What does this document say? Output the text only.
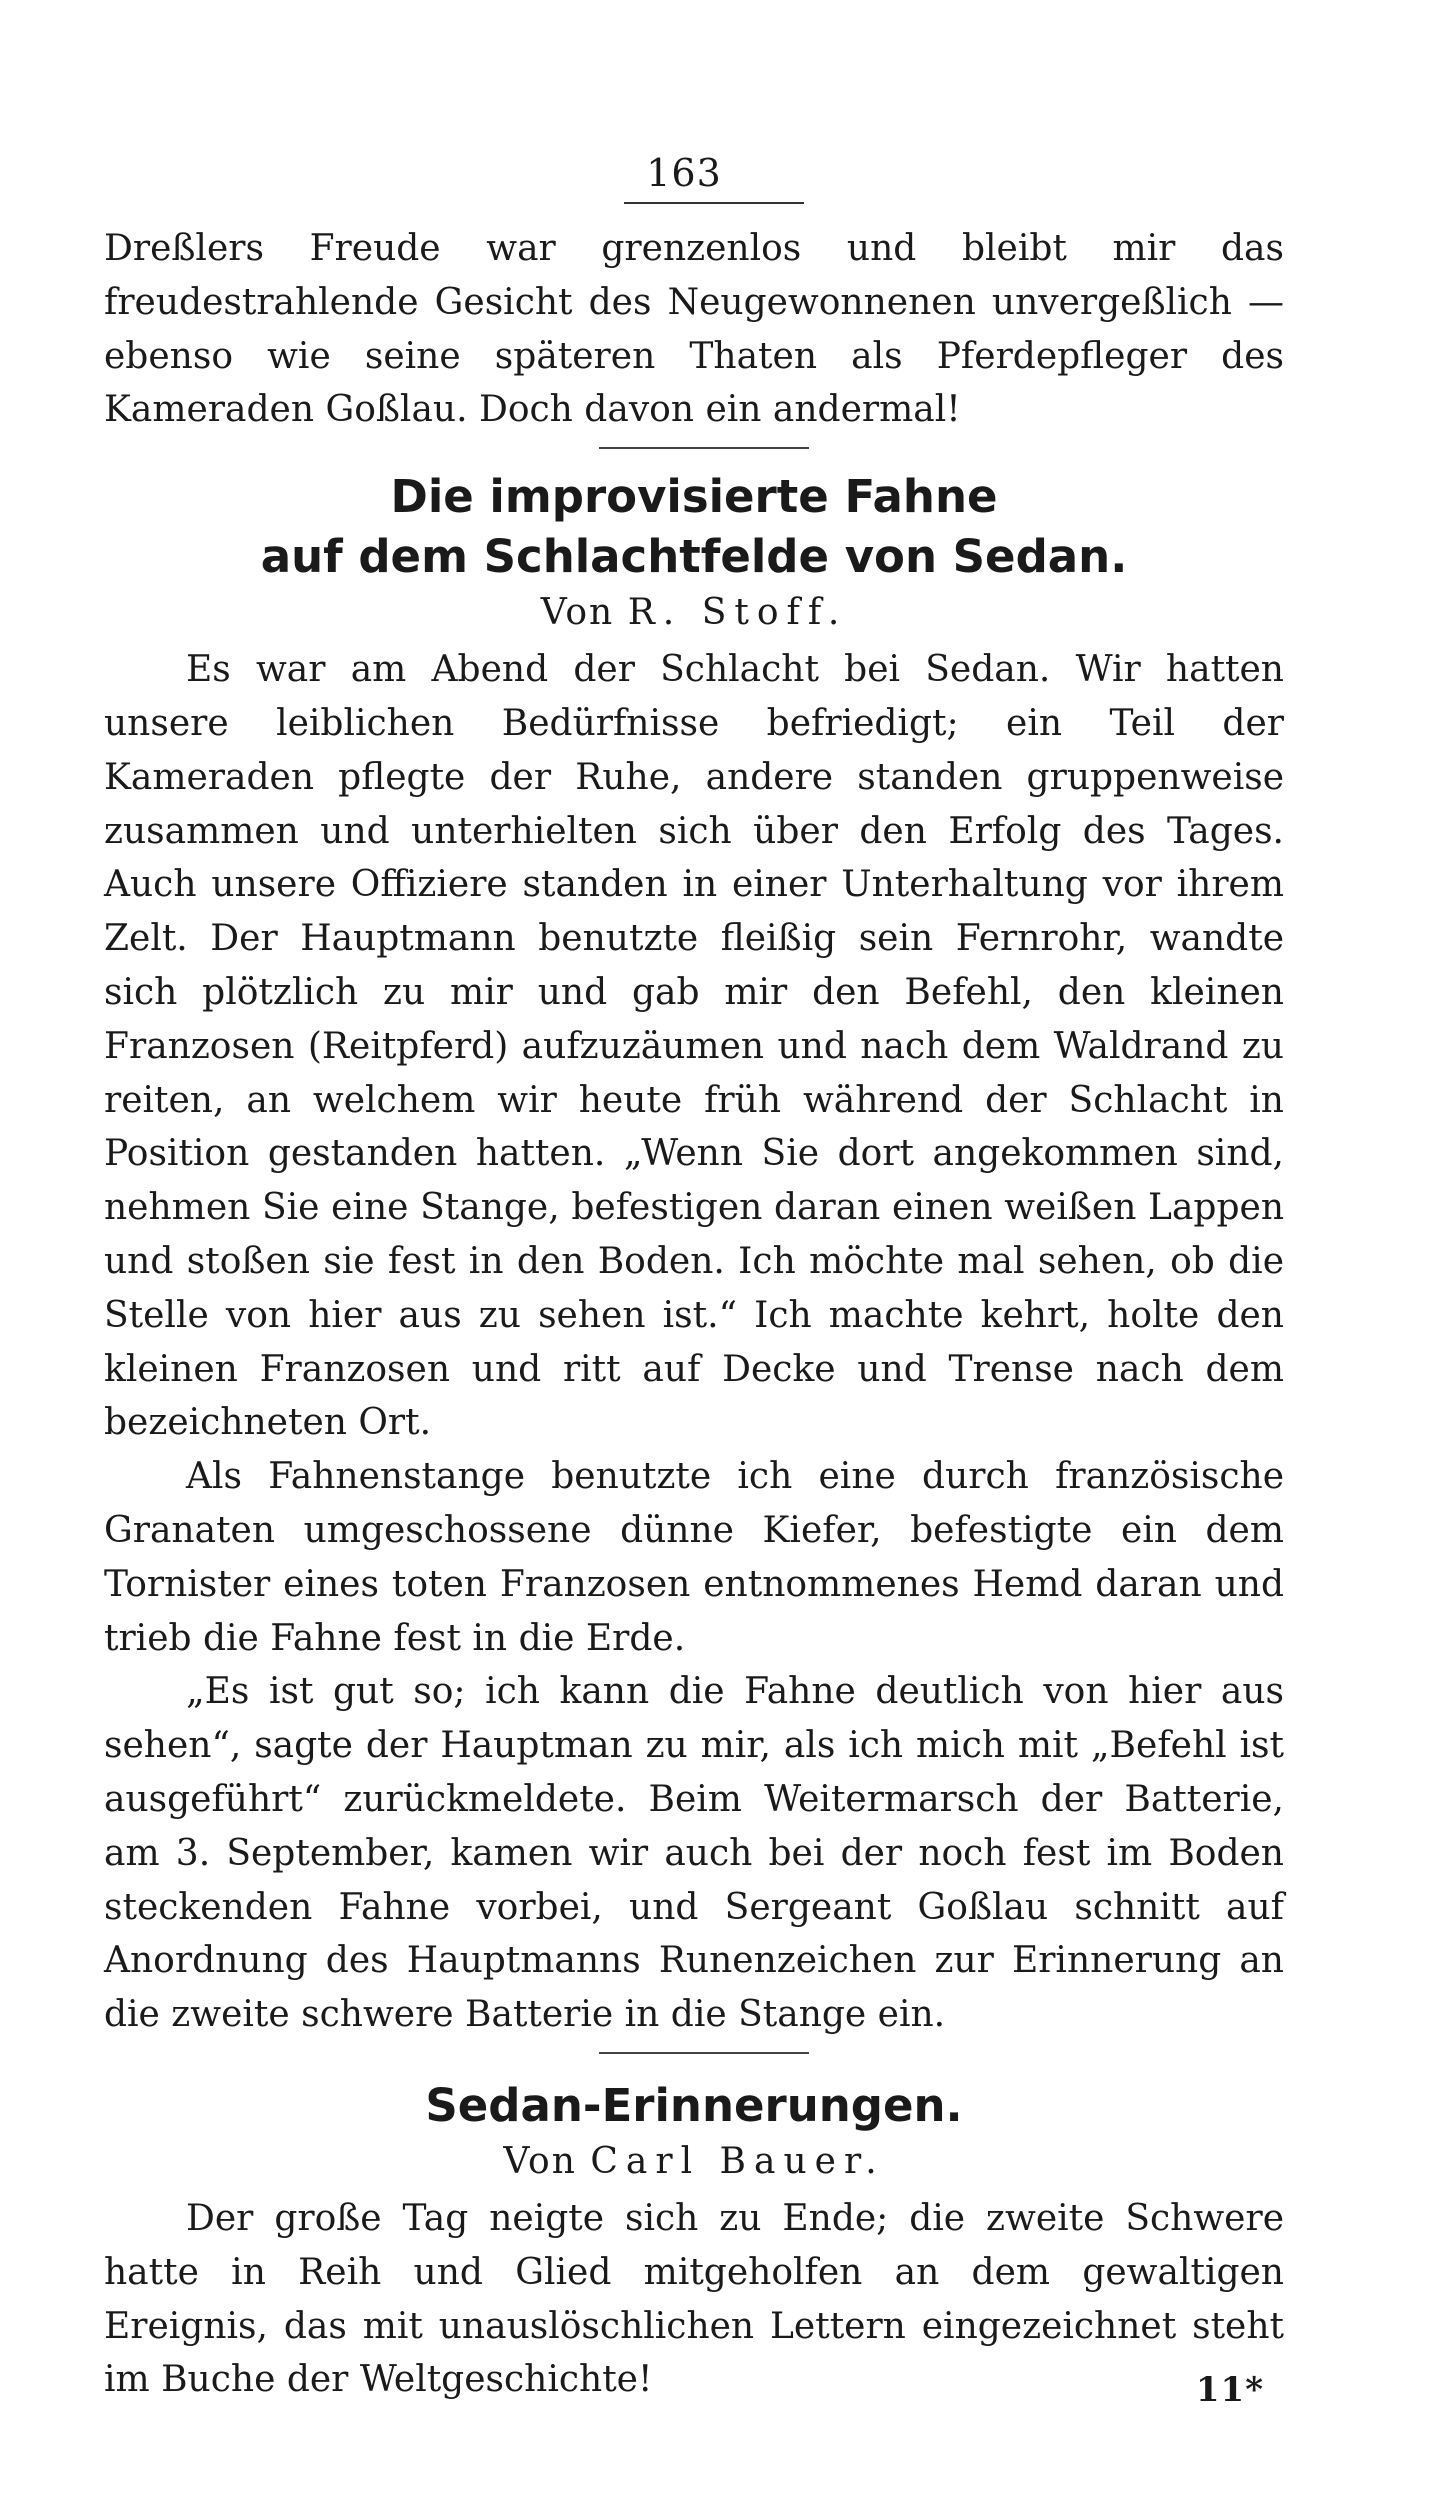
163

Dreßlers Freude war grenzenlos und bleibt mir das freudestrahlende Gesicht des Neugewonnenen unvergeßlich — ebenso wie seine späteren Thaten als Pferdepfleger des Kameraden Goßlau. Doch davon ein andermal!

Die improvisierte Fahne
auf dem Schlachtfelde von Sedan.
Von R. Stoff.

Es war am Abend der Schlacht bei Sedan. Wir hatten unsere leiblichen Bedürfnisse befriedigt; ein Teil der Kameraden pflegte der Ruhe, andere standen gruppenweise zusammen und unterhielten sich über den Erfolg des Tages. Auch unsere Offiziere standen in einer Unterhaltung vor ihrem Zelt. Der Hauptmann benutzte fleißig sein Fernrohr, wandte sich plötzlich zu mir und gab mir den Befehl, den kleinen Franzosen (Reitpferd) aufzuzäumen und nach dem Waldrand zu reiten, an welchem wir heute früh während der Schlacht in Position gestanden hatten. „Wenn Sie dort angekommen sind, nehmen Sie eine Stange, befestigen daran einen weißen Lappen und stoßen sie fest in den Boden. Ich möchte mal sehen, ob die Stelle von hier aus zu sehen ist.“ Ich machte kehrt, holte den kleinen Franzosen und ritt auf Decke und Trense nach dem bezeichneten Ort.

Als Fahnenstange benutzte ich eine durch französische Granaten umgeschossene dünne Kiefer, befestigte ein dem Tornister eines toten Franzosen entnommenes Hemd daran und trieb die Fahne fest in die Erde.

„Es ist gut so; ich kann die Fahne deutlich von hier aus sehen“, sagte der Hauptman zu mir, als ich mich mit „Befehl ist ausgeführt“ zurückmeldete. Beim Weitermarsch der Batterie, am 3. September, kamen wir auch bei der noch fest im Boden steckenden Fahne vorbei, und Sergeant Goßlau schnitt auf Anordnung des Hauptmanns Runenzeichen zur Erinnerung an die zweite schwere Batterie in die Stange ein.

Sedan-Erinnerungen.
Von Carl Bauer.

Der große Tag neigte sich zu Ende; die zweite Schwere hatte in Reih und Glied mitgeholfen an dem gewaltigen Ereignis, das mit unauslöschlichen Lettern eingezeichnet steht im Buche der Weltgeschichte!	11*
